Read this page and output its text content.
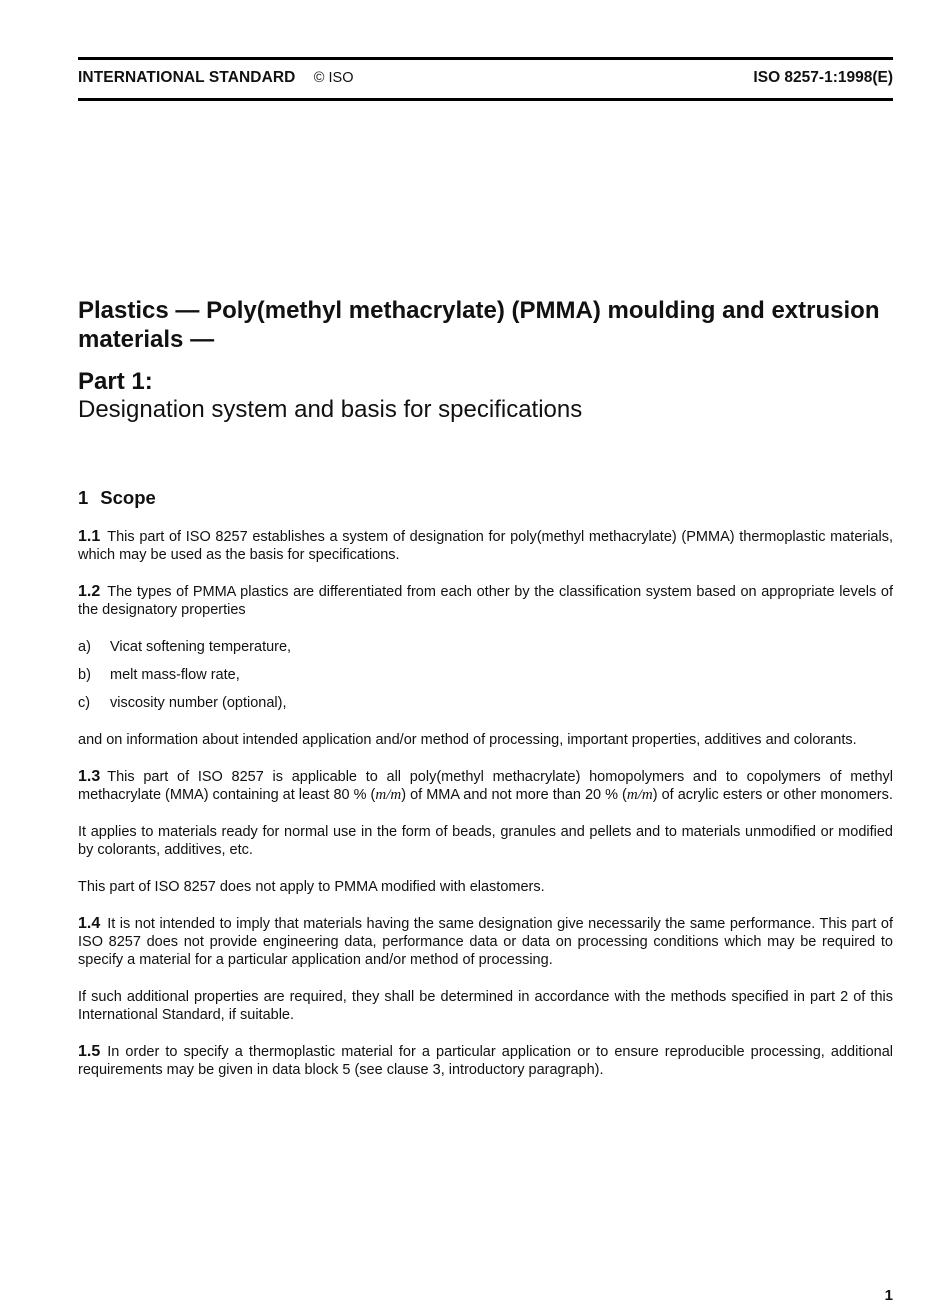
INTERNATIONAL STANDARD © ISO	ISO 8257-1:1998(E)
Plastics — Poly(methyl methacrylate) (PMMA) moulding and extrusion materials —
Part 1:
Designation system and basis for specifications
1 Scope

1.1 This part of ISO 8257 establishes a system of designation for poly(methyl methacrylate) (PMMA) thermoplastic materials, which may be used as the basis for specifications.

1.2 The types of PMMA plastics are differentiated from each other by the classification system based on appropriate levels of the designatory properties

a)	Vicat softening temperature,
b)	melt mass-flow rate,
c)	viscosity number (optional),

and on information about intended application and/or method of processing, important properties, additives and colorants.

1.3 This part of ISO 8257 is applicable to all poly(methyl methacrylate) homopolymers and to copolymers of methyl methacrylate (MMA) containing at least 80 % (m/m) of MMA and not more than 20 % (m/m) of acrylic esters or other monomers.

It applies to materials ready for normal use in the form of beads, granules and pellets and to materials unmodified or modified by colorants, additives, etc.

This part of ISO 8257 does not apply to PMMA modified with elastomers.

1.4 It is not intended to imply that materials having the same designation give necessarily the same performance. This part of ISO 8257 does not provide engineering data, performance data or data on processing conditions which may be required to specify a material for a particular application and/or method of processing.

If such additional properties are required, they shall be determined in accordance with the methods specified in part 2 of this International Standard, if suitable.

1.5 In order to specify a thermoplastic material for a particular application or to ensure reproducible processing, additional requirements may be given in data block 5 (see clause 3, introductory paragraph).

1
